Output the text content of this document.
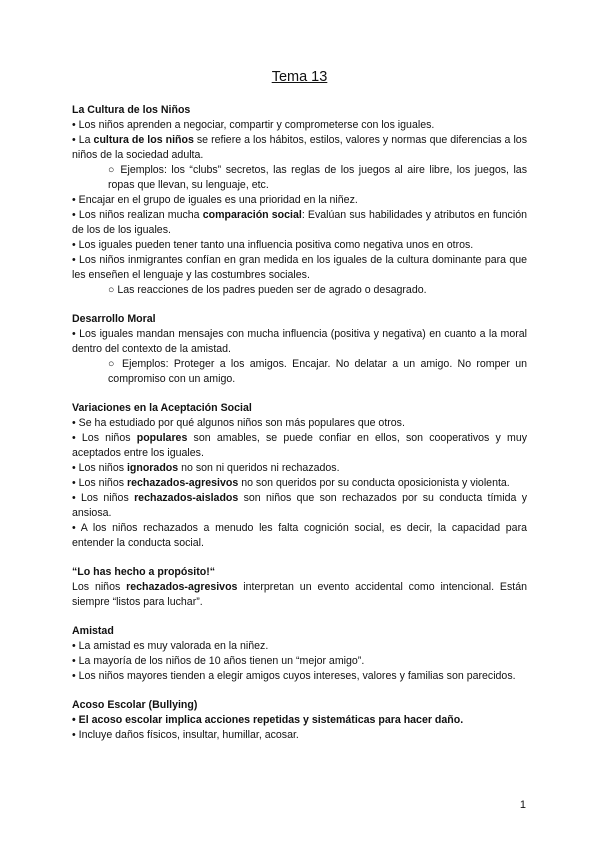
Tema 13

La Cultura de los Niños

• Los niños aprenden a negociar, compartir y comprometerse con los iguales.

• La cultura de los niños se refiere a los hábitos, estilos, valores y normas que diferencias a los niños de la sociedad adulta.

○ Ejemplos: los “clubs” secretos, las reglas de los juegos al aire libre, los juegos, las ropas que llevan, su lenguaje, etc.

• Encajar en el grupo de iguales es una prioridad en la niñez.

• Los niños realizan mucha comparación social: Evalúan sus habilidades y atributos en función de los de los iguales.

• Los iguales pueden tener tanto una influencia positiva como negativa unos en otros.

• Los niños inmigrantes confían en gran medida en los iguales de la cultura dominante para que les enseñen el lenguaje y las costumbres sociales.

○ Las reacciones de los padres pueden ser de agrado o desagrado.

Desarrollo Moral

• Los iguales mandan mensajes con mucha influencia (positiva y negativa) en cuanto a la moral dentro del contexto de la amistad.

○ Ejemplos: Proteger a los amigos. Encajar. No delatar a un amigo. No romper un compromiso con un amigo.

Variaciones en la Aceptación Social

• Se ha estudiado por qué algunos niños son más populares que otros.

• Los niños populares son amables, se puede confiar en ellos, son cooperativos y muy aceptados entre los iguales.

• Los niños ignorados no son ni queridos ni rechazados.

• Los niños rechazados-agresivos no son queridos por su conducta oposicionista y violenta.

• Los niños rechazados-aislados son niños que son rechazados por su conducta tímida y ansiosa.

• A los niños rechazados a menudo les falta cognición social, es decir, la capacidad para entender la conducta social.

“Lo has hecho a propósito!“

Los niños rechazados-agresivos interpretan un evento accidental como intencional. Están siempre “listos para luchar”.

Amistad

• La amistad es muy valorada en la niñez.

• La mayoría de los niños de 10 años tienen un “mejor amigo”.

• Los niños mayores tienden a elegir amigos cuyos intereses, valores y familias son parecidos.

Acoso Escolar (Bullying)

• El acoso escolar implica acciones repetidas y sistemáticas para hacer daño.

• Incluye daños físicos, insultar, humillar, acosar.

1
